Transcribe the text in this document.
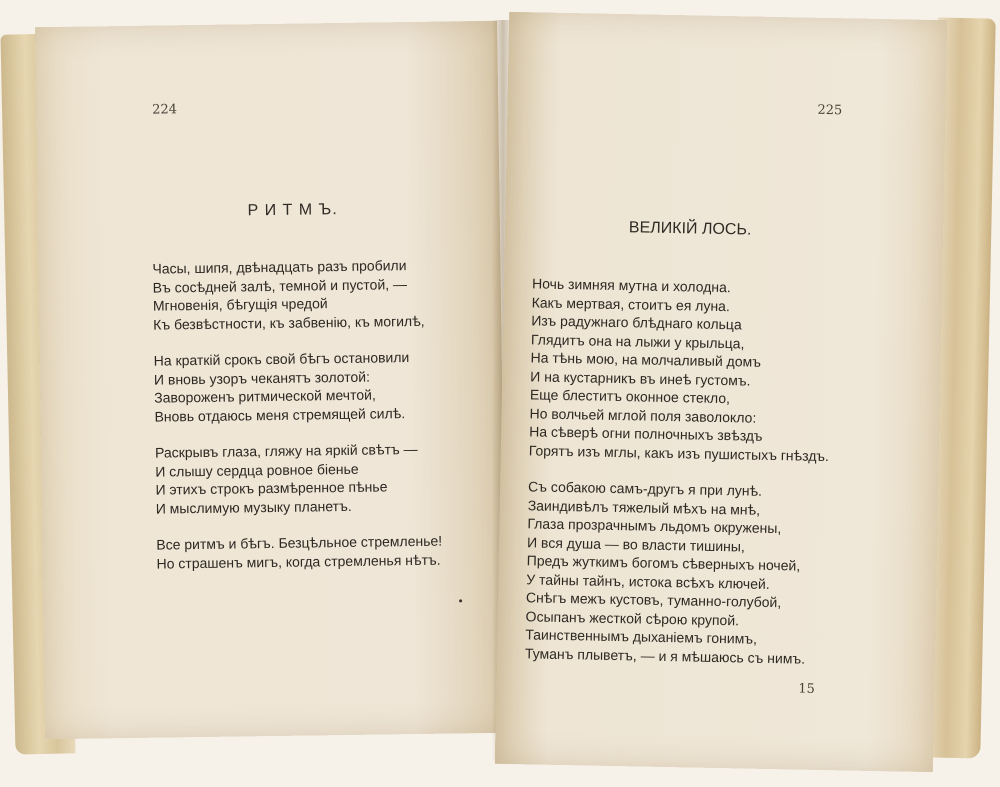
224
Р И Т М Ъ.
Часы, шипя, двѣнадцать разъ пробили
Въ сосѣдней залѣ, темной и пустой, —
Мгновенія, бѣгущія чредой
Къ безвѣстности, къ забвенію, къ могилѣ,
На краткій срокъ свой бѣгъ остановили
И вновь узоръ чеканятъ золотой:
Завороженъ ритмической мечтой,
Вновь отдаюсь меня стремящей силѣ.
Раскрывъ глаза, гляжу на яркій свѣтъ —
И слышу сердца ровное біенье
И этихъ строкъ размѣренное пѣнье
И мыслимую музыку планетъ.
Все ритмъ и бѣгъ. Безцѣльное стремленье!
Но страшенъ мигъ, когда стремленья нѣтъ.
225
ВЕЛИКІЙ ЛОСЬ.
Ночь зимняя мутна и холодна.
Какъ мертвая, стоитъ ея луна.
Изъ радужнаго блѣднаго кольца
Глядитъ она на лыжи у крыльца,
На тѣнь мою, на молчаливый домъ
И на кустарникъ въ инеѣ густомъ.
Еще блеститъ оконное стекло,
Но волчьей мглой поля заволокло:
На сѣверѣ огни полночныхъ звѣздъ
Горятъ изъ мглы, какъ изъ пушистыхъ гнѣздъ.
Съ собакою самъ-другъ я при лунѣ.
Заиндивѣлъ тяжелый мѣхъ на мнѣ,
Глаза прозрачнымъ льдомъ окружены,
И вся душа — во власти тишины,
Предъ жуткимъ богомъ сѣверныхъ ночей,
У тайны тайнъ, истока всѣхъ ключей.
Снѣгъ межъ кустовъ, туманно-голубой,
Осыпанъ жесткой сѣрою крупой.
Таинственнымъ дыханіемъ гонимъ,
Туманъ плыветъ, — и я мѣшаюсь съ нимъ.
15
